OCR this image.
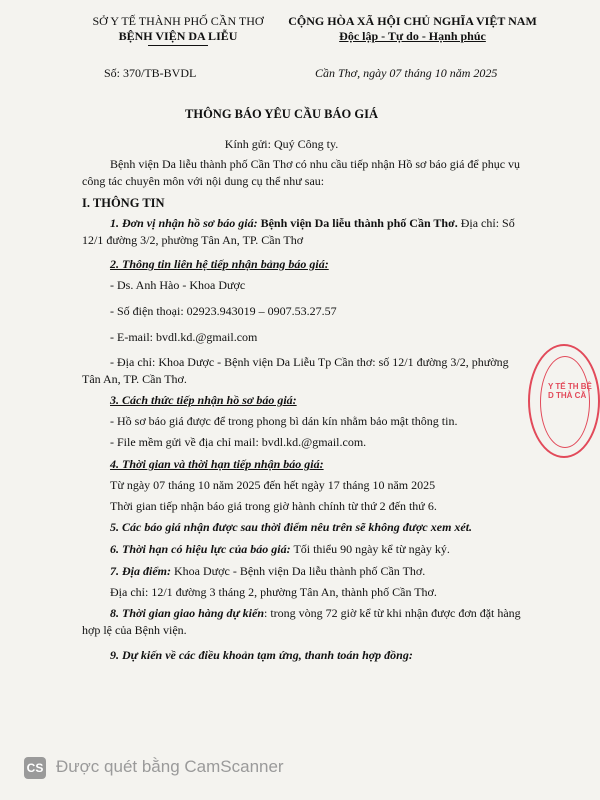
SỞ Y TẾ THÀNH PHỐ CẦN THƠ
BỆNH VIỆN DA LIỄU
CỘNG HÒA XÃ HỘI CHỦ NGHĨA VIỆT NAM
Độc lập - Tự do - Hạnh phúc
Số: 370/TB-BVDL	Cần Thơ, ngày 07 tháng 10 năm 2025
THÔNG BÁO YÊU CẦU BÁO GIÁ
Kính gửi: Quý Công ty.
Bệnh viện Da liễu thành phố Cần Thơ có nhu cầu tiếp nhận Hồ sơ báo giá để phục vụ công tác chuyên môn với nội dung cụ thể như sau:
I. THÔNG TIN
1. Đơn vị nhận hồ sơ báo giá: Bệnh viện Da liễu thành phố Cần Thơ. Địa chỉ: Số 12/1 đường 3/2, phường Tân An, TP. Cần Thơ
2. Thông tin liên hệ tiếp nhận bảng báo giá:
- Ds. Anh Hào - Khoa Dược
- Số điện thoại: 02923.943019 – 0907.53.27.57
- E-mail: bvdl.kd.@gmail.com
- Địa chỉ: Khoa Dược - Bệnh viện Da Liễu Tp Cần thơ: số 12/1 đường 3/2, phường Tân An, TP. Cần Thơ.
3. Cách thức tiếp nhận hồ sơ báo giá:
- Hồ sơ báo giá được để trong phong bì dán kín nhằm bảo mật thông tin.
- File mềm gửi về địa chỉ mail: bvdl.kd.@gmail.com.
4. Thời gian và thời hạn tiếp nhận báo giá:
Từ ngày 07 tháng 10 năm 2025 đến hết ngày 17 tháng 10 năm 2025
Thời gian tiếp nhận báo giá trong giờ hành chính từ thứ 2 đến thứ 6.
5. Các báo giá nhận được sau thời điểm nêu trên sẽ không được xem xét.
6. Thời hạn có hiệu lực của báo giá: Tối thiểu 90 ngày kể từ ngày ký.
7. Địa điểm: Khoa Dược - Bệnh viện Da liễu thành phố Cần Thơ.
Địa chỉ: 12/1 đường 3 tháng 2, phường Tân An, thành phố Cần Thơ.
8. Thời gian giao hàng dự kiến: trong vòng 72 giờ kể từ khi nhận được đơn đặt hàng hợp lệ của Bệnh viện.
9. Dự kiến về các điều khoản tạm ứng, thanh toán hợp đồng:
Y TẾ TH BỆ D THÀ CẦ
CS Được quét bằng CamScanner
